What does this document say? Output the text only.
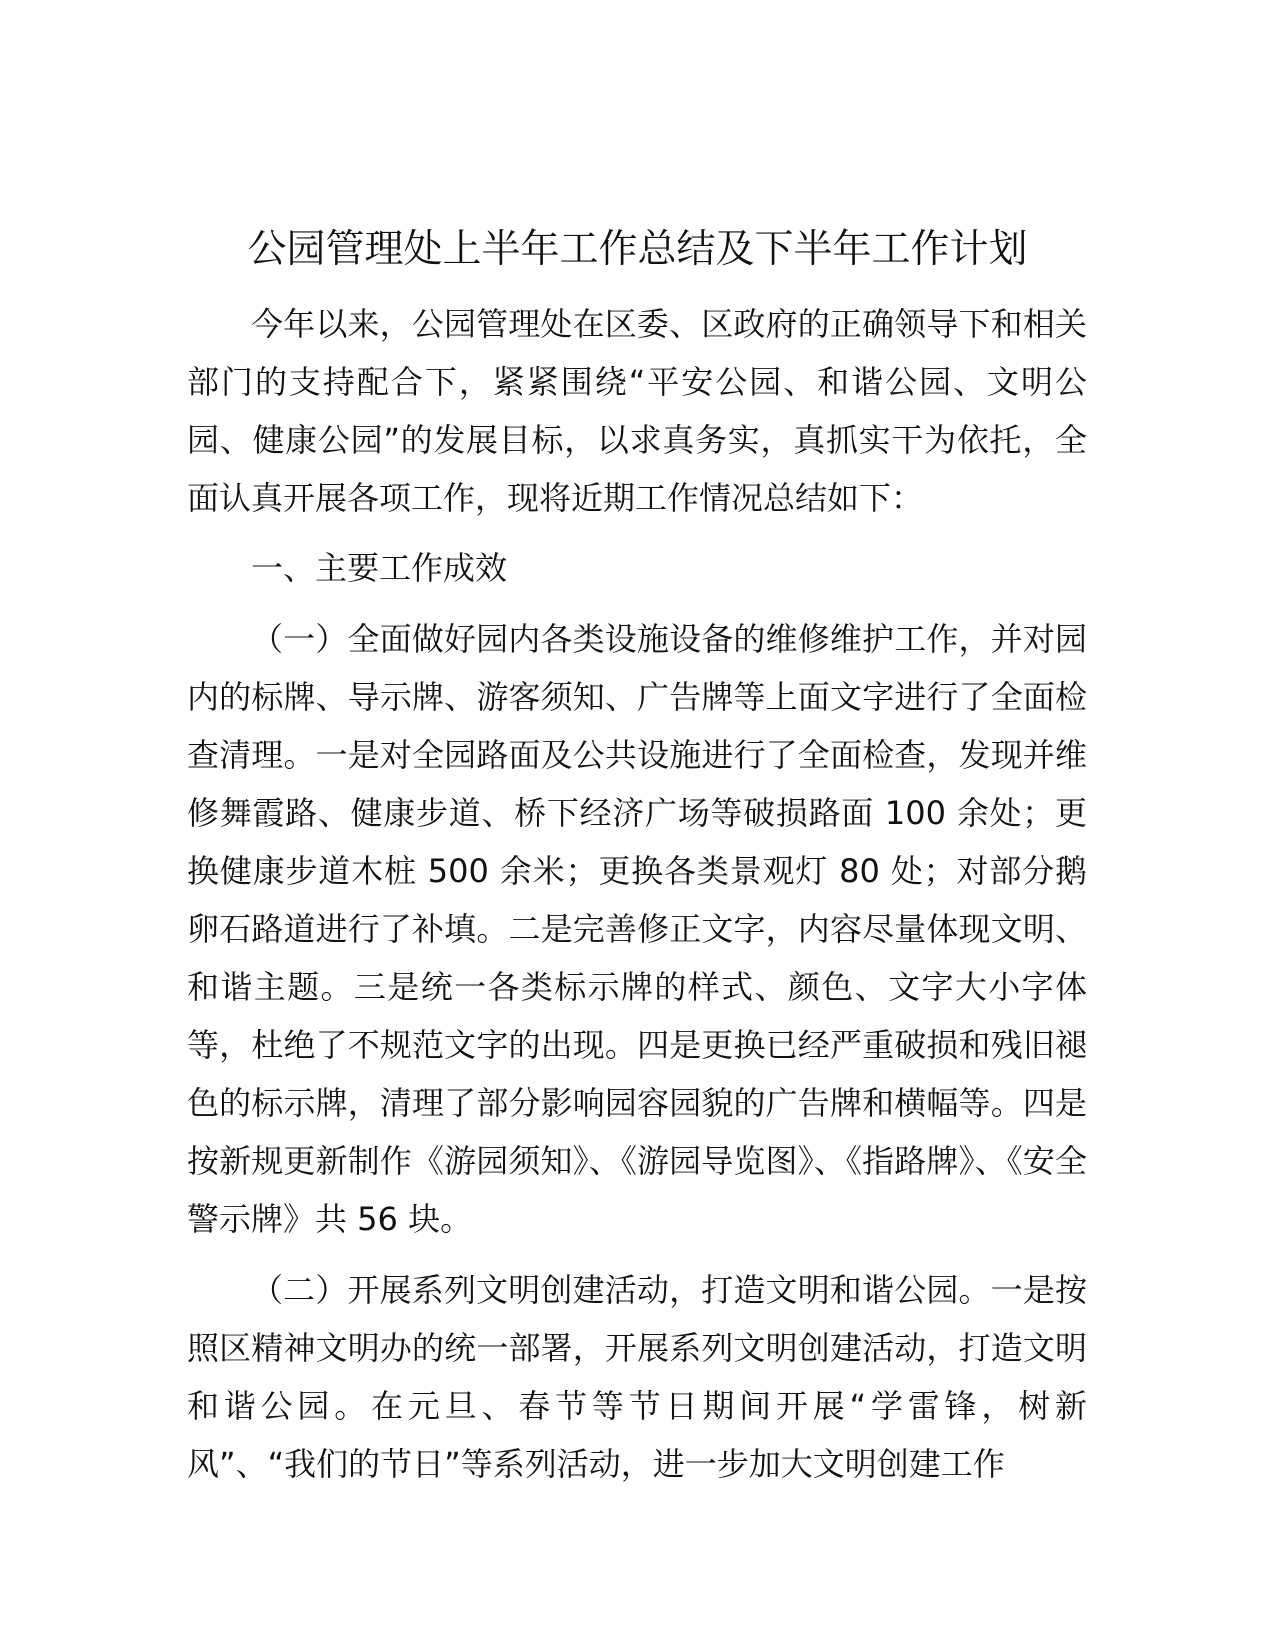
公园管理处上半年工作总结及下半年工作计划

今年以来，公园管理处在区委、区政府的正确领导下和相关部门的支持配合下，紧紧围绕“平安公园、和谐公园、文明公园、健康公园”的发展目标，以求真务实，真抓实干为依托，全面认真开展各项工作，现将近期工作情况总结如下：

一、主要工作成效

（一）全面做好园内各类设施设备的维修维护工作，并对园内的标牌、导示牌、游客须知、广告牌等上面文字进行了全面检查清理。一是对全园路面及公共设施进行了全面检查，发现并维修舞霞路、健康步道、桥下经济广场等破损路面 100 余处；更换健康步道木桩 500 余米；更换各类景观灯 80 处；对部分鹅卵石路道进行了补填。二是完善修正文字，内容尽量体现文明、和谐主题。三是统一各类标示牌的样式、颜色、文字大小字体等，杜绝了不规范文字的出现。四是更换已经严重破损和残旧褪色的标示牌，清理了部分影响园容园貌的广告牌和横幅等。四是按新规更新制作《游园须知》、《游园导览图》、《指路牌》、《安全警示牌》共 56 块。

（二）开展系列文明创建活动，打造文明和谐公园。一是按照区精神文明办的统一部署，开展系列文明创建活动，打造文明和谐公园。在元旦、春节等节日期间开展“学雷锋，树新风”、“我们的节日”等系列活动，进一步加大文明创建工作
